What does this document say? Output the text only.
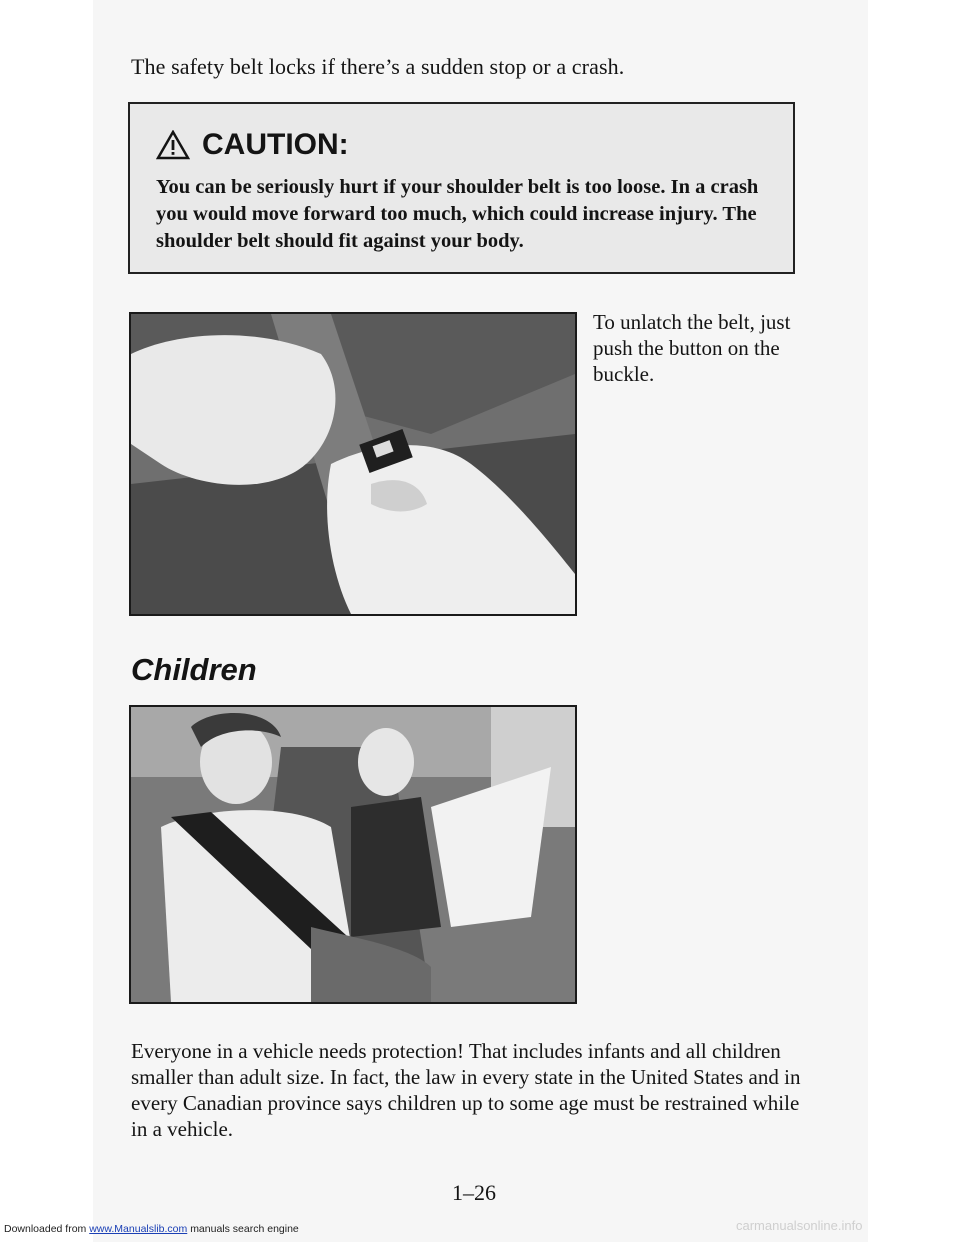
The safety belt locks if there’s a sudden stop or a crash.
CAUTION:
You can be seriously hurt if your shoulder belt is too loose. In a crash you would move forward too much, which could increase injury. The shoulder belt should fit against your body.
To unlatch the belt, just push the button on the buckle.
Children
Everyone in a vehicle needs protection! That includes infants and all children smaller than adult size. In fact, the law in every state in the United States and in every Canadian province says children up to some age must be restrained while in a vehicle.
1–26
Downloaded from www.Manualslib.com manuals search engine	carmanualsonline.info
